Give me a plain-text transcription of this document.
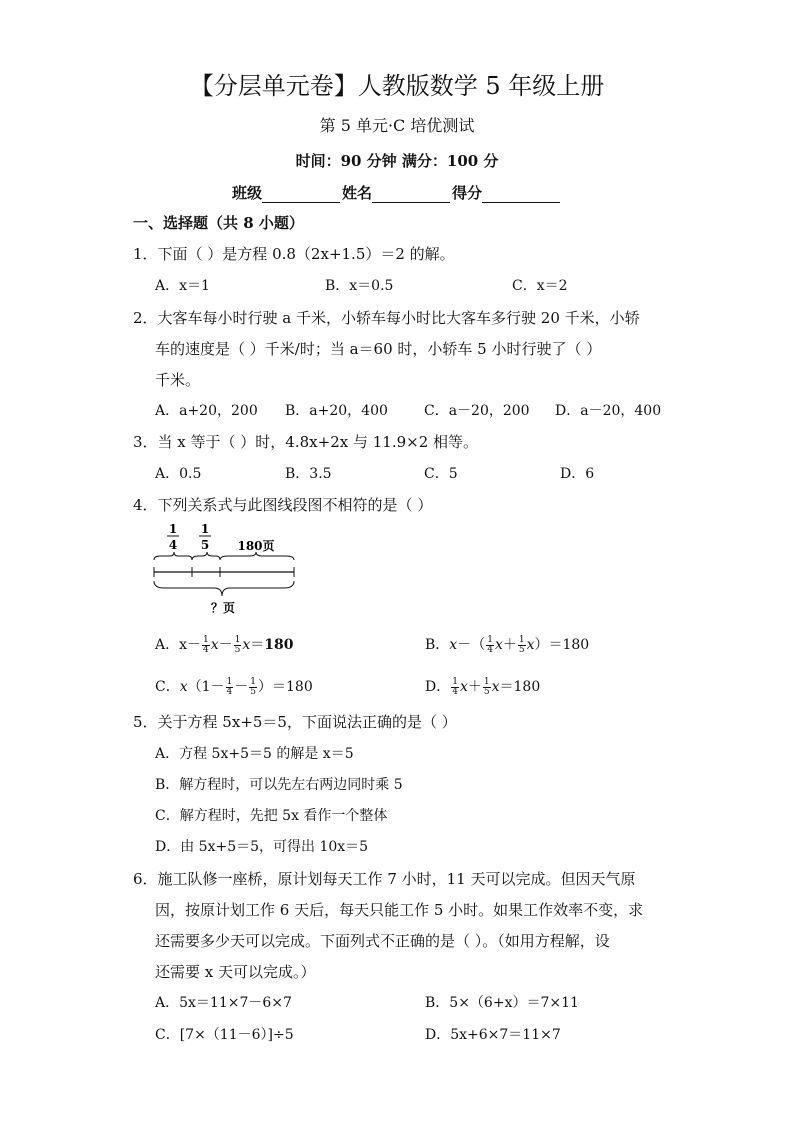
【分层单元卷】人教版数学 5 年级上册
第 5 单元·C 培优测试
时间：90 分钟 满分：100 分
班级	姓名	得分
一、选择题（共 8 小题）
1．下面（ ）是方程 0.8（2x+1.5）＝2 的解。
A．x＝1	B．x＝0.5	C．x＝2
2．大客车每小时行驶 a 千米，小轿车每小时比大客车多行驶 20 千米，小轿
车的速度是（ ）千米/时；当 a＝60 时，小轿车 5 小时行驶了（ ）
千米。
A．a+20，200 B．a+20，400	C．a－20，200 D．a－20，400
3．当 x 等于（ ）时，4.8x+2x 与 11.9×2 相等。
A．0.5	B．3.5	C．5	D．6
4．下列关系式与此图线段图不相符的是（ ）
1
4
1
5 180页
？页
A．$x- \frac{1}{4} x- \frac{1}{5} x=180$	B．$x-( \frac{1}{4} x+ \frac{1}{5} x)=180$
C．$x(1- \frac{1}{4} - \frac{1}{5} )=180$	D． $\frac{1}{4} x+ \frac{1}{5} x=180$
5．关于方程 5x+5＝5，下面说法正确的是（ ）
A．方程 5x+5＝5 的解是 x＝5
B．解方程时，可以先左右两边同时乘 5
C．解方程时，先把 5x 看作一个整体
D．由 5x+5＝5，可得出 10x＝5
6．施工队修一座桥，原计划每天工作 7 小时，11 天可以完成。但因天气原
因，按原计划工作 6 天后，每天只能工作 5 小时。如果工作效率不变，求
还需要多少天可以完成。下面列式不正确的是（ ）。（如用方程解，设
还需要 x 天可以完成。）
A．5x＝11×7－6×7	B．5×（6+x）＝7×11
C．[7×（11－6）]÷5	D．5x+6×7＝11×7
